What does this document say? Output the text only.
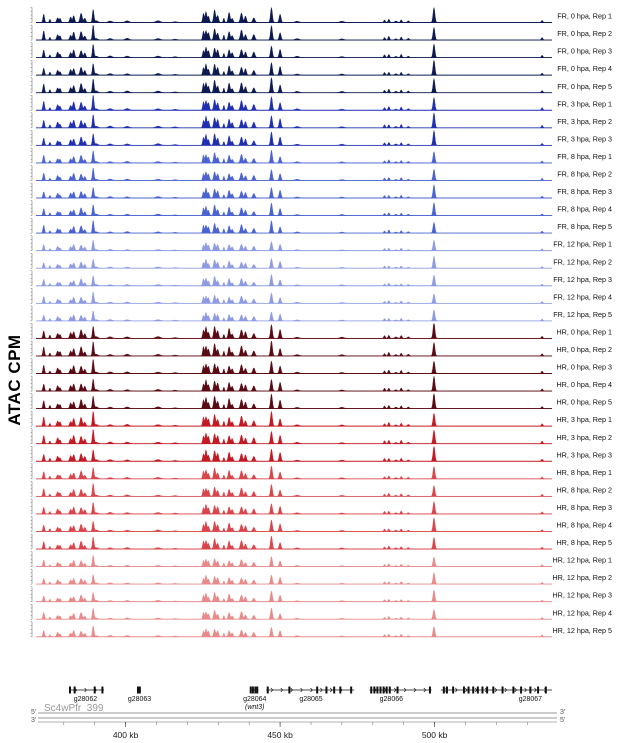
ATAC CPM
FR, 0 hpa, Rep 1
FR, 0 hpa, Rep 2
FR, 0 hpa, Rep 3
FR, 0 hpa, Rep 4
FR, 0 hpa, Rep 5
FR, 3 hpa, Rep 1
FR, 3 hpa, Rep 2
FR, 3 hpa, Rep 3
FR, 8 hpa, Rep 1
FR, 8 hpa, Rep 2
FR, 8 hpa, Rep 3
FR, 8 hpa, Rep 4
FR, 8 hpa, Rep 5
FR, 12 hpa, Rep 1
FR, 12 hpa, Rep 2
FR, 12 hpa, Rep 3
FR, 12 hpa, Rep 4
FR, 12 hpa, Rep 5
HR, 0 hpa, Rep 1
HR, 0 hpa, Rep 2
HR, 0 hpa, Rep 3
HR, 0 hpa, Rep 4
HR, 0 hpa, Rep 5
HR, 3 hpa, Rep 1
HR, 3 hpa, Rep 2
HR, 3 hpa, Rep 3
HR, 8 hpa, Rep 1
HR, 8 hpa, Rep 2
HR, 8 hpa, Rep 3
HR, 8 hpa, Rep 4
HR, 8 hpa, Rep 5
HR, 12 hpa, Rep 1
HR, 12 hpa, Rep 2
HR, 12 hpa, Rep 3
HR, 12 hpa, Rep 4
HR, 12 hpa, Rep 5
g28062	g28063	g28064
(wnt3)
g28065	g28066	g28067
Sc4wPfr_399
5'
3'
3'
5'
400 kb	450 kb	500 kb
